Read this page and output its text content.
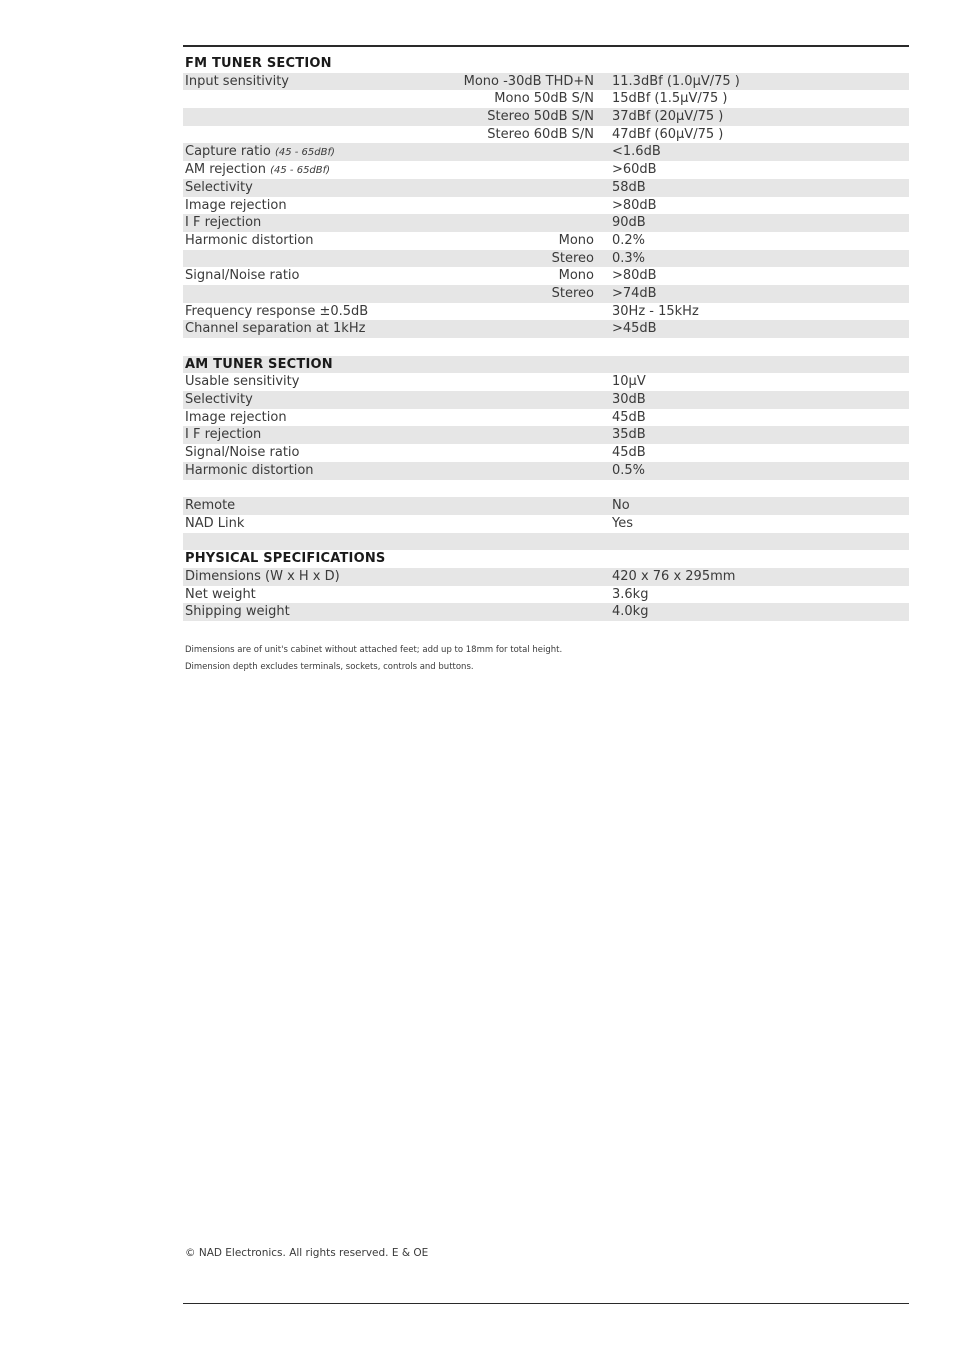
FM TUNER SECTION
Input sensitivity	Mono -30dB THD+N 11.3dBf (1.0µV/75 )
Mono 50dB S/N 15dBf (1.5µV/75 )
Stereo 50dB S/N 37dBf (20µV/75 )
Stereo 60dB S/N 47dBf (60µV/75 )
Capture ratio (45 - 65dBf)	<1.6dB
AM rejection (45 - 65dBf)	>60dB
Selectivity	58dB
Image rejection	>80dB
I F rejection	90dB
Harmonic distortion	Mono 0.2%
Stereo 0.3%
Signal/Noise ratio	Mono >80dB
Stereo >74dB
Frequency response ±0.5dB	30Hz - 15kHz
Channel separation at 1kHz	>45dB
AM TUNER SECTION
Usable sensitivity	10µV
Selectivity	30dB
Image rejection	45dB
I F rejection	35dB
Signal/Noise ratio	45dB
Harmonic distortion	0.5%
Remote	No
NAD Link	Yes
PHYSICAL SPECIFICATIONS
Dimensions (W x H x D)	420 x 76 x 295mm
Net weight	3.6kg
Shipping weight	4.0kg
Dimensions are of unit's cabinet without attached feet; add up to 18mm for total height.
Dimension depth excludes terminals, sockets, controls and buttons.
© NAD Electronics. All rights reserved. E & OE
